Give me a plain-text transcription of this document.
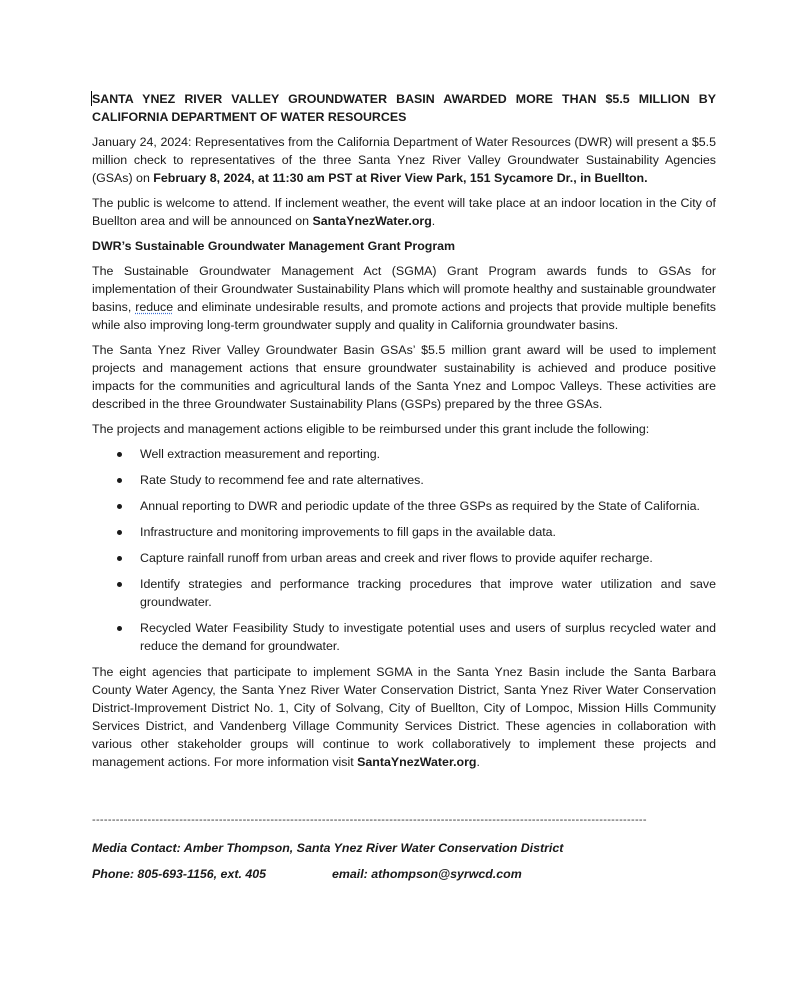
SANTA YNEZ RIVER VALLEY GROUNDWATER BASIN AWARDED MORE THAN $5.5 MILLION BY CALIFORNIA DEPARTMENT OF WATER RESOURCES

January 24, 2024: Representatives from the California Department of Water Resources (DWR) will present a $5.5 million check to representatives of the three Santa Ynez River Valley Groundwater Sustainability Agencies (GSAs) on February 8, 2024, at 11:30 am PST at River View Park, 151 Sycamore Dr., in Buellton.

The public is welcome to attend. If inclement weather, the event will take place at an indoor location in the City of Buellton area and will be announced on SantaYnezWater.org.

DWR’s Sustainable Groundwater Management Grant Program

The Sustainable Groundwater Management Act (SGMA) Grant Program awards funds to GSAs for implementation of their Groundwater Sustainability Plans which will promote healthy and sustainable groundwater basins, reduce and eliminate undesirable results, and promote actions and projects that provide multiple benefits while also improving long-term groundwater supply and quality in California groundwater basins.

The Santa Ynez River Valley Groundwater Basin GSAs’ $5.5 million grant award will be used to implement projects and management actions that ensure groundwater sustainability is achieved and produce positive impacts for the communities and agricultural lands of the Santa Ynez and Lompoc Valleys. These activities are described in the three Groundwater Sustainability Plans (GSPs) prepared by the three GSAs.

The projects and management actions eligible to be reimbursed under this grant include the following:

Well extraction measurement and reporting.
Rate Study to recommend fee and rate alternatives.
Annual reporting to DWR and periodic update of the three GSPs as required by the State of California.
Infrastructure and monitoring improvements to fill gaps in the available data.
Capture rainfall runoff from urban areas and creek and river flows to provide aquifer recharge.
Identify strategies and performance tracking procedures that improve water utilization and save groundwater.
Recycled Water Feasibility Study to investigate potential uses and users of surplus recycled water and reduce the demand for groundwater.

The eight agencies that participate to implement SGMA in the Santa Ynez Basin include the Santa Barbara County Water Agency, the Santa Ynez River Water Conservation District, Santa Ynez River Water Conservation District-Improvement District No. 1, City of Solvang, City of Buellton, City of Lompoc, Mission Hills Community Services District, and Vandenberg Village Community Services District. These agencies in collaboration with various other stakeholder groups will continue to work collaboratively to implement these projects and management actions. For more information visit SantaYnezWater.org.

--------------------------------------------------------------------------------------------------------------------------------------------
Media Contact: Amber Thompson, Santa Ynez River Water Conservation District
Phone: 805-693-1156, ext. 405	email: athompson@syrwcd.com
